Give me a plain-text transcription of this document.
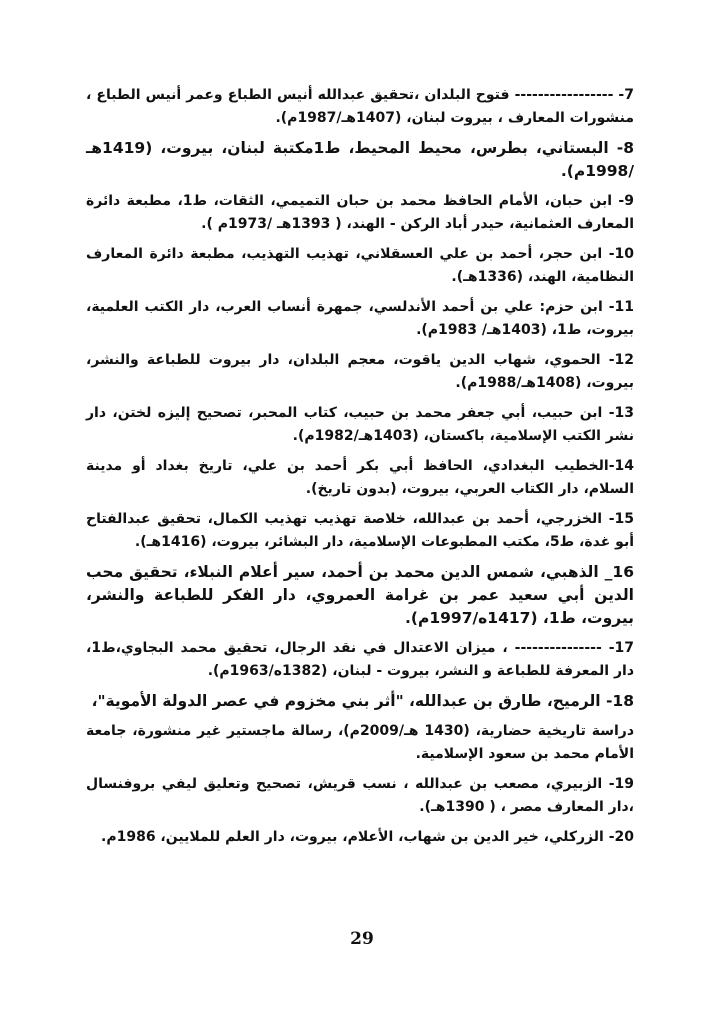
7- ----------------- فتوح البلدان ،تحقيق عبدالله أنيس الطباع وعمر أنيس الطباع ، منشورات المعارف ، بيروت لبنان، (1407هـ/1987م).

8- البستاني، بطرس، محيط المحيط، ط1مكتبة لبنان، بيروت، (1419هـ /1998م).

9- ابن حبان، الأمام الحافظ محمد بن حبان التميمي، الثقات، ط1، مطبعة دائرة المعارف العثمانية، حيدر أباد الركن - الهند، ( 1393هـ /1973م ).

10- ابن حجر، أحمد بن علي العسقلاني، تهذيب التهذيب، مطبعة دائرة المعارف النظامية، الهند، (1336هـ).

11- ابن حزم: علي بن أحمد الأندلسي، جمهرة أنساب العرب، دار الكتب العلمية، بيروت، ط1، (1403هـ/ 1983م).

12- الحموي، شهاب الدين ياقوت، معجم البلدان، دار بيروت للطباعة والنشر، بيروت، (1408هـ/1988م).

13- ابن حبيب، أبي جعفر محمد بن حبيب، كتاب المحبر، تصحيح إليزه لختن، دار نشر الكتب الإسلامية، باكستان، (1403هـ/1982م).

14-الخطيب البغدادي، الحافظ أبي بكر أحمد بن علي، تاريخ بغداد أو مدينة السلام، دار الكتاب العربي، بيروت، (بدون تاريخ).

15- الخزرجي، أحمد بن عبدالله، خلاصة تهذيب تهذيب الكمال، تحقيق عبدالفتاح أبو غدة، ط5، مكتب المطبوعات الإسلامية، دار البشائر، بيروت، (1416هـ).

16_ الذهبي، شمس الدين محمد بن أحمد، سير أعلام النبلاء، تحقيق محب الدين أبي سعيد عمر بن غرامة العمروي، دار الفكر للطباعة والنشر، بيروت، ط1، (1417ه/1997م).

17- --------------- ، ميزان الاعتدال في نقد الرجال، تحقيق محمد البجاوي،ط1، دار المعرفة للطباعة و النشر، بيروت - لبنان، (1382ه/1963م).

18- الرميح، طارق بن عبدالله، "أثر بني مخزوم في عصر الدولة الأموية"،

دراسة تاريخية حضارية، (1430 هـ/2009م)، رسالة ماجستير غير منشورة، جامعة الأمام محمد بن سعود الإسلامية.

19- الزبيري، مصعب بن عبدالله ، نسب قريش، تصحيح وتعليق ليفي بروفنسال ،دار المعارف مصر ، ( 1390هـ).

20- الزركلي، خير الدين بن شهاب، الأعلام، بيروت، دار العلم للملايين، 1986م.

29
